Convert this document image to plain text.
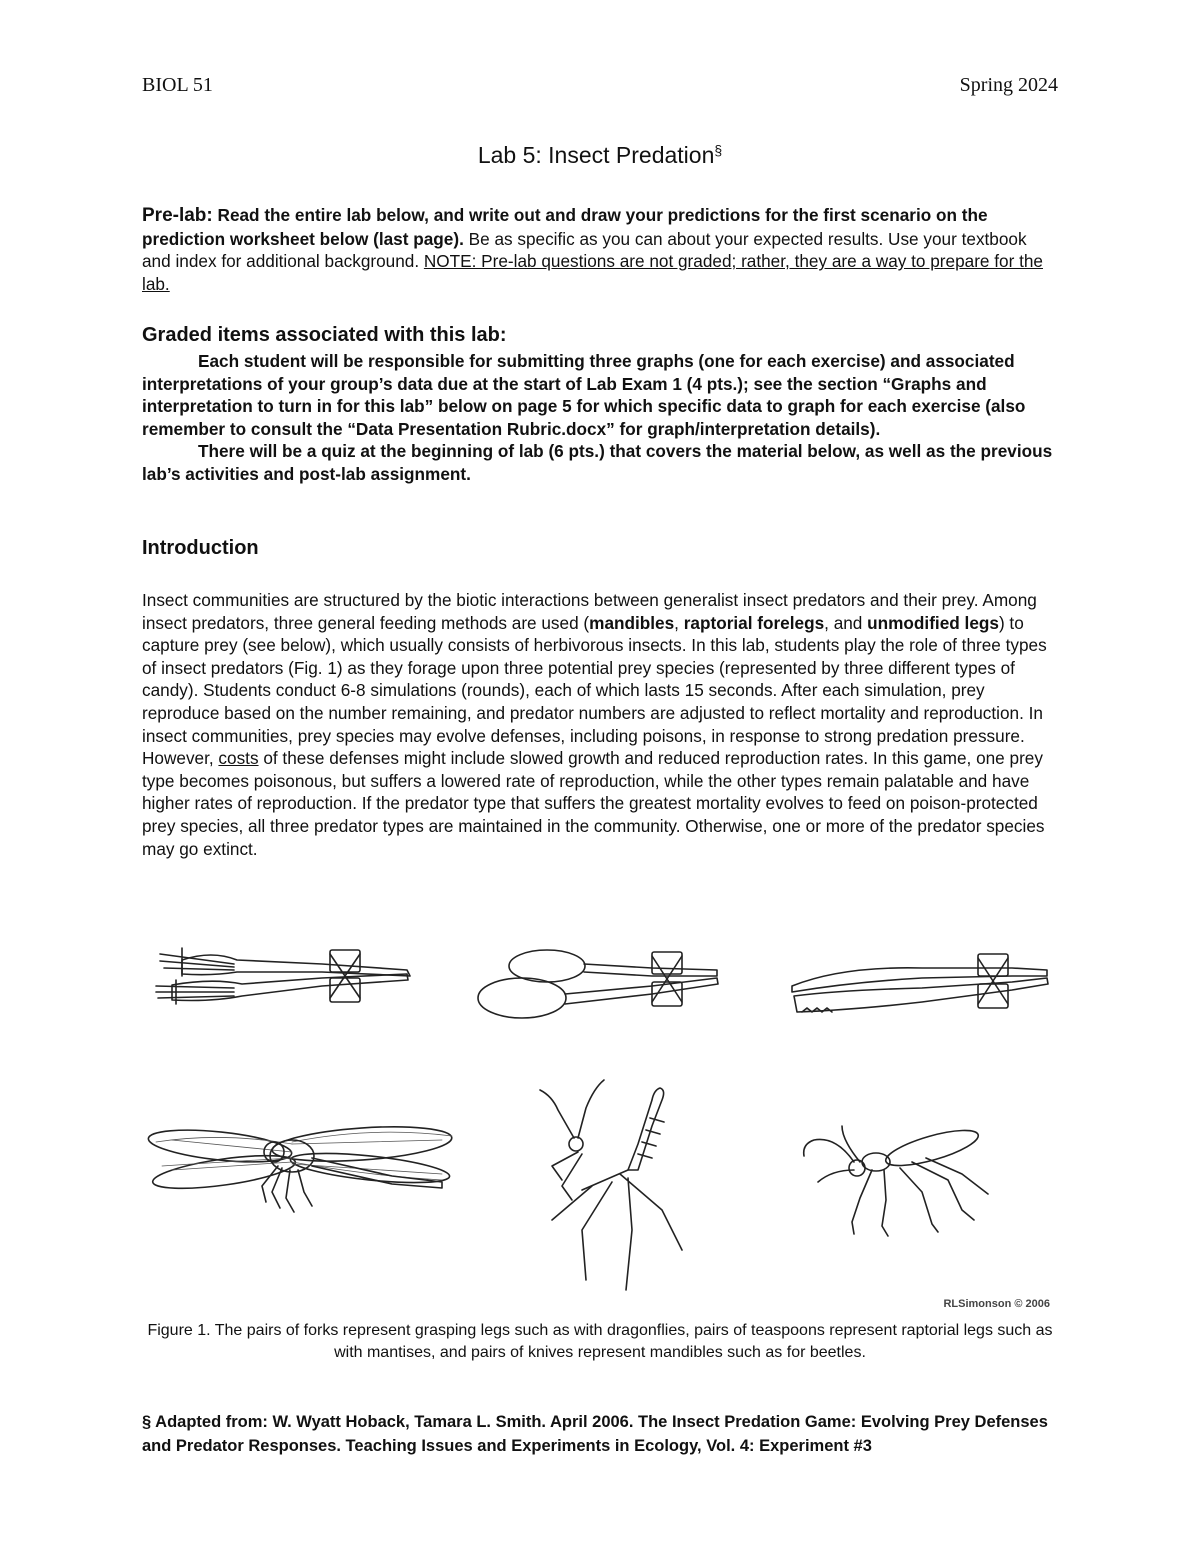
BIOL 51	Spring 2024
Lab 5: Insect Predation§
Pre-lab: Read the entire lab below, and write out and draw your predictions for the first scenario on the prediction worksheet below (last page). Be as specific as you can about your expected results. Use your textbook and index for additional background. NOTE: Pre-lab questions are not graded; rather, they are a way to prepare for the lab.
Graded items associated with this lab:
Each student will be responsible for submitting three graphs (one for each exercise) and associated interpretations of your group’s data due at the start of Lab Exam 1 (4 pts.); see the section “Graphs and interpretation to turn in for this lab” below on page 5 for which specific data to graph for each exercise (also remember to consult the “Data Presentation Rubric.docx” for graph/interpretation details).
There will be a quiz at the beginning of lab (6 pts.) that covers the material below, as well as the previous lab’s activities and post-lab assignment.
Introduction
Insect communities are structured by the biotic interactions between generalist insect predators and their prey. Among insect predators, three general feeding methods are used (mandibles, raptorial forelegs, and unmodified legs) to capture prey (see below), which usually consists of herbivorous insects. In this lab, students play the role of three types of insect predators (Fig. 1) as they forage upon three potential prey species (represented by three different types of candy). Students conduct 6-8 simulations (rounds), each of which lasts 15 seconds. After each simulation, prey reproduce based on the number remaining, and predator numbers are adjusted to reflect mortality and reproduction. In insect communities, prey species may evolve defenses, including poisons, in response to strong predation pressure. However, costs of these defenses might include slowed growth and reduced reproduction rates. In this game, one prey type becomes poisonous, but suffers a lowered rate of reproduction, while the other types remain palatable and have higher rates of reproduction. If the predator type that suffers the greatest mortality evolves to feed on poison-protected prey species, all three predator types are maintained in the community. Otherwise, one or more of the predator species may go extinct.
RLSimonson © 2006
Figure 1. The pairs of forks represent grasping legs such as with dragonflies, pairs of teaspoons represent raptorial legs such as with mantises, and pairs of knives represent mandibles such as for beetles.
§ Adapted from: W. Wyatt Hoback, Tamara L. Smith. April 2006. The Insect Predation Game: Evolving Prey Defenses and Predator Responses. Teaching Issues and Experiments in Ecology, Vol. 4: Experiment #3
